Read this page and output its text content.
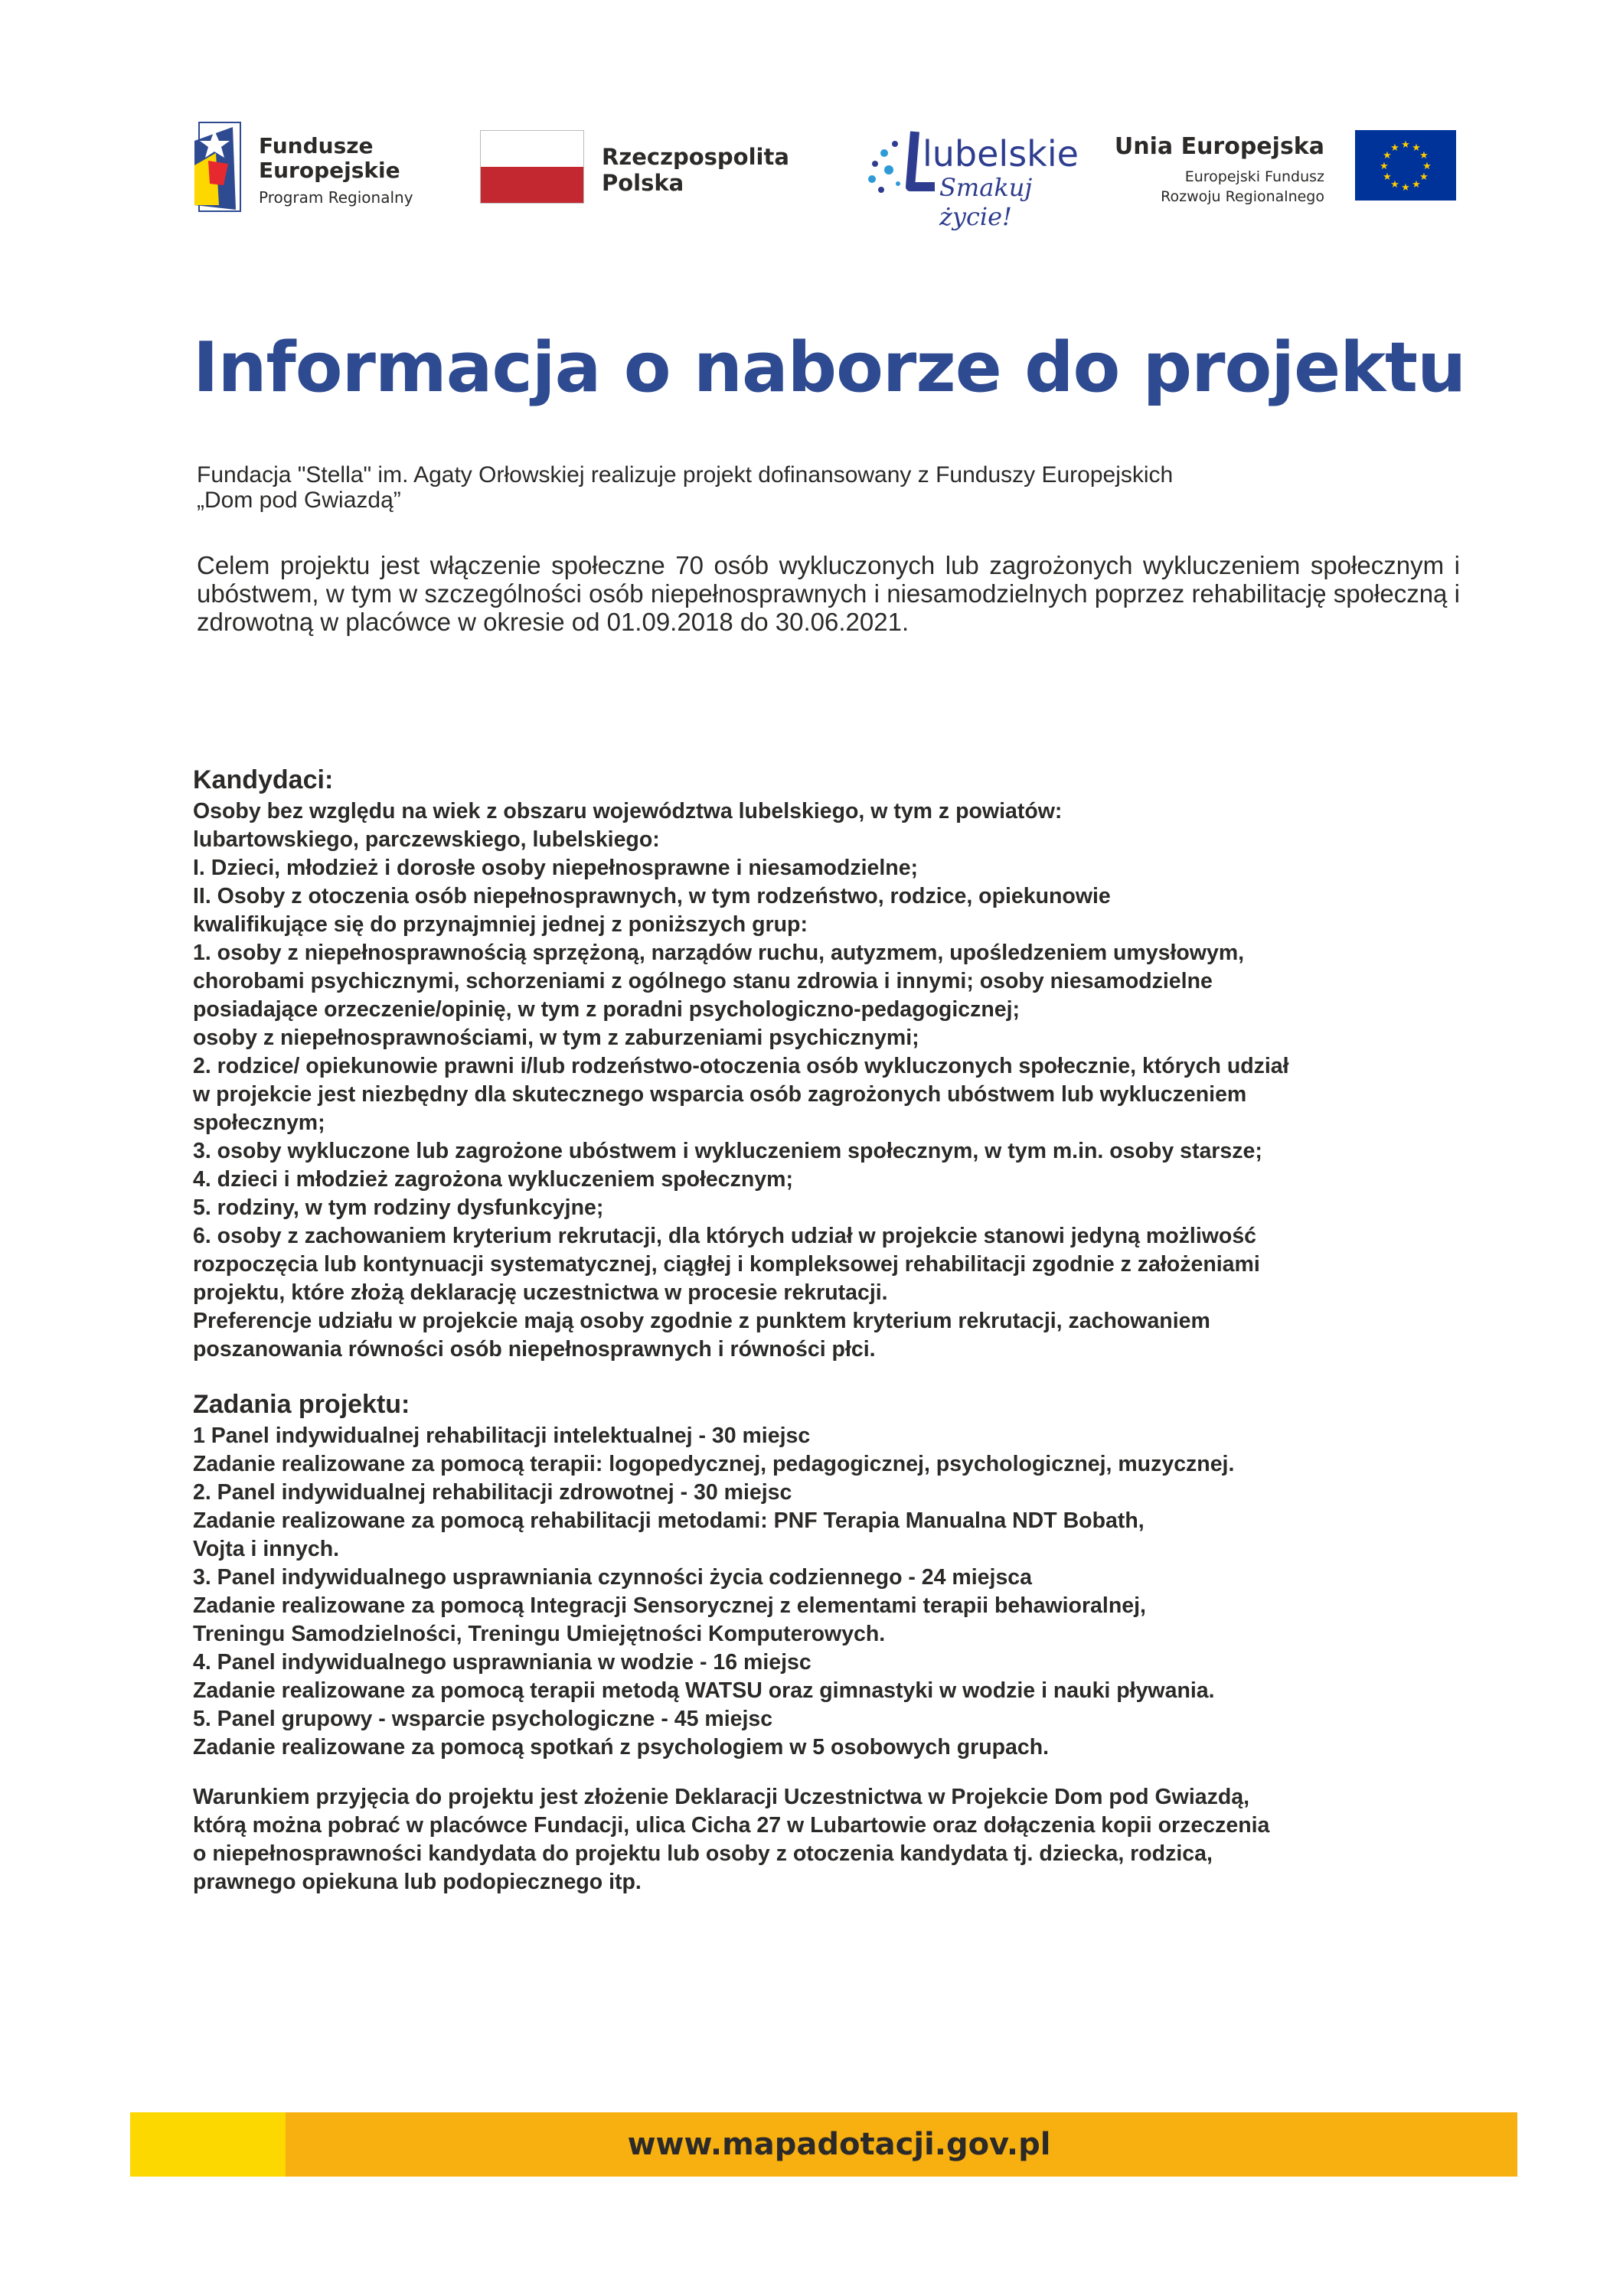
Fundusze
Europejskie
Program Regionalny
Rzeczpospolita
Polska
lubelskie
Smakuj życie!
Unia Europejska
Europejski Fundusz
Rozwoju Regionalnego
★ ★
★
★
★
★
★
★
★
★
★
★
Informacja o naborze do projektu

Fundacja "Stella" im. Agaty Orłowskiej realizuje projekt dofinansowany z Funduszy Europejskich

„Dom pod Gwiazdą”

Celem projektu jest włączenie społeczne 70 osób wykluczonych lub zagrożonych wykluczeniem społecznym i ubóstwem, w tym w szczególności osób niepełnosprawnych i niesamodzielnych poprzez rehabilitację społeczną i zdrowotną w placówce w okresie od 01.09.2018 do 30.06.2021.
Kandydaci:
Osoby bez względu na wiek z obszaru województwa lubelskiego, w tym z powiatów:
lubartowskiego, parczewskiego, lubelskiego:
I. Dzieci, młodzież i dorosłe osoby niepełnosprawne i niesamodzielne;
II. Osoby z otoczenia osób niepełnosprawnych, w tym rodzeństwo, rodzice, opiekunowie
kwalifikujące się do przynajmniej jednej z poniższych grup:
1. osoby z niepełnosprawnością sprzężoną, narządów ruchu, autyzmem, upośledzeniem umysłowym,
chorobami psychicznymi, schorzeniami z ogólnego stanu zdrowia i innymi; osoby niesamodzielne
posiadające orzeczenie/opinię, w tym z poradni psychologiczno-pedagogicznej;
osoby z niepełnosprawnościami, w tym z zaburzeniami psychicznymi;
2. rodzice/ opiekunowie prawni i/lub rodzeństwo-otoczenia osób wykluczonych społecznie, których udział
w projekcie jest niezbędny dla skutecznego wsparcia osób zagrożonych ubóstwem lub wykluczeniem
społecznym;
3. osoby wykluczone lub zagrożone ubóstwem i wykluczeniem społecznym, w tym m.in. osoby starsze;
4. dzieci i młodzież zagrożona wykluczeniem społecznym;
5. rodziny, w tym rodziny dysfunkcyjne;
6. osoby z zachowaniem kryterium rekrutacji, dla których udział w projekcie stanowi jedyną możliwość
rozpoczęcia lub kontynuacji systematycznej, ciągłej i kompleksowej rehabilitacji zgodnie z założeniami
projektu, które złożą deklarację uczestnictwa w procesie rekrutacji.
Preferencje udziału w projekcie mają osoby zgodnie z punktem kryterium rekrutacji, zachowaniem
poszanowania równości osób niepełnosprawnych i równości płci.
Zadania projektu:
1 Panel indywidualnej rehabilitacji intelektualnej - 30 miejsc
Zadanie realizowane za pomocą terapii: logopedycznej, pedagogicznej, psychologicznej, muzycznej.
2. Panel indywidualnej rehabilitacji zdrowotnej - 30 miejsc
Zadanie realizowane za pomocą rehabilitacji metodami: PNF Terapia Manualna NDT Bobath,
Vojta i innych.
3. Panel indywidualnego usprawniania czynności życia codziennego - 24 miejsca
Zadanie realizowane za pomocą Integracji Sensorycznej z elementami terapii behawioralnej,
Treningu Samodzielności, Treningu Umiejętności Komputerowych.
4. Panel indywidualnego usprawniania w wodzie - 16 miejsc
Zadanie realizowane za pomocą terapii metodą WATSU oraz gimnastyki w wodzie i nauki pływania.
5. Panel grupowy - wsparcie psychologiczne - 45 miejsc
Zadanie realizowane za pomocą spotkań z psychologiem w 5 osobowych grupach.
Warunkiem przyjęcia do projektu jest złożenie Deklaracji Uczestnictwa w Projekcie Dom pod Gwiazdą,
którą można pobrać w placówce Fundacji, ulica Cicha 27 w Lubartowie oraz dołączenia kopii orzeczenia
o niepełnosprawności kandydata do projektu lub osoby z otoczenia kandydata tj. dziecka, rodzica,
prawnego opiekuna lub podopiecznego itp.
www.mapadotacji.gov.pl
